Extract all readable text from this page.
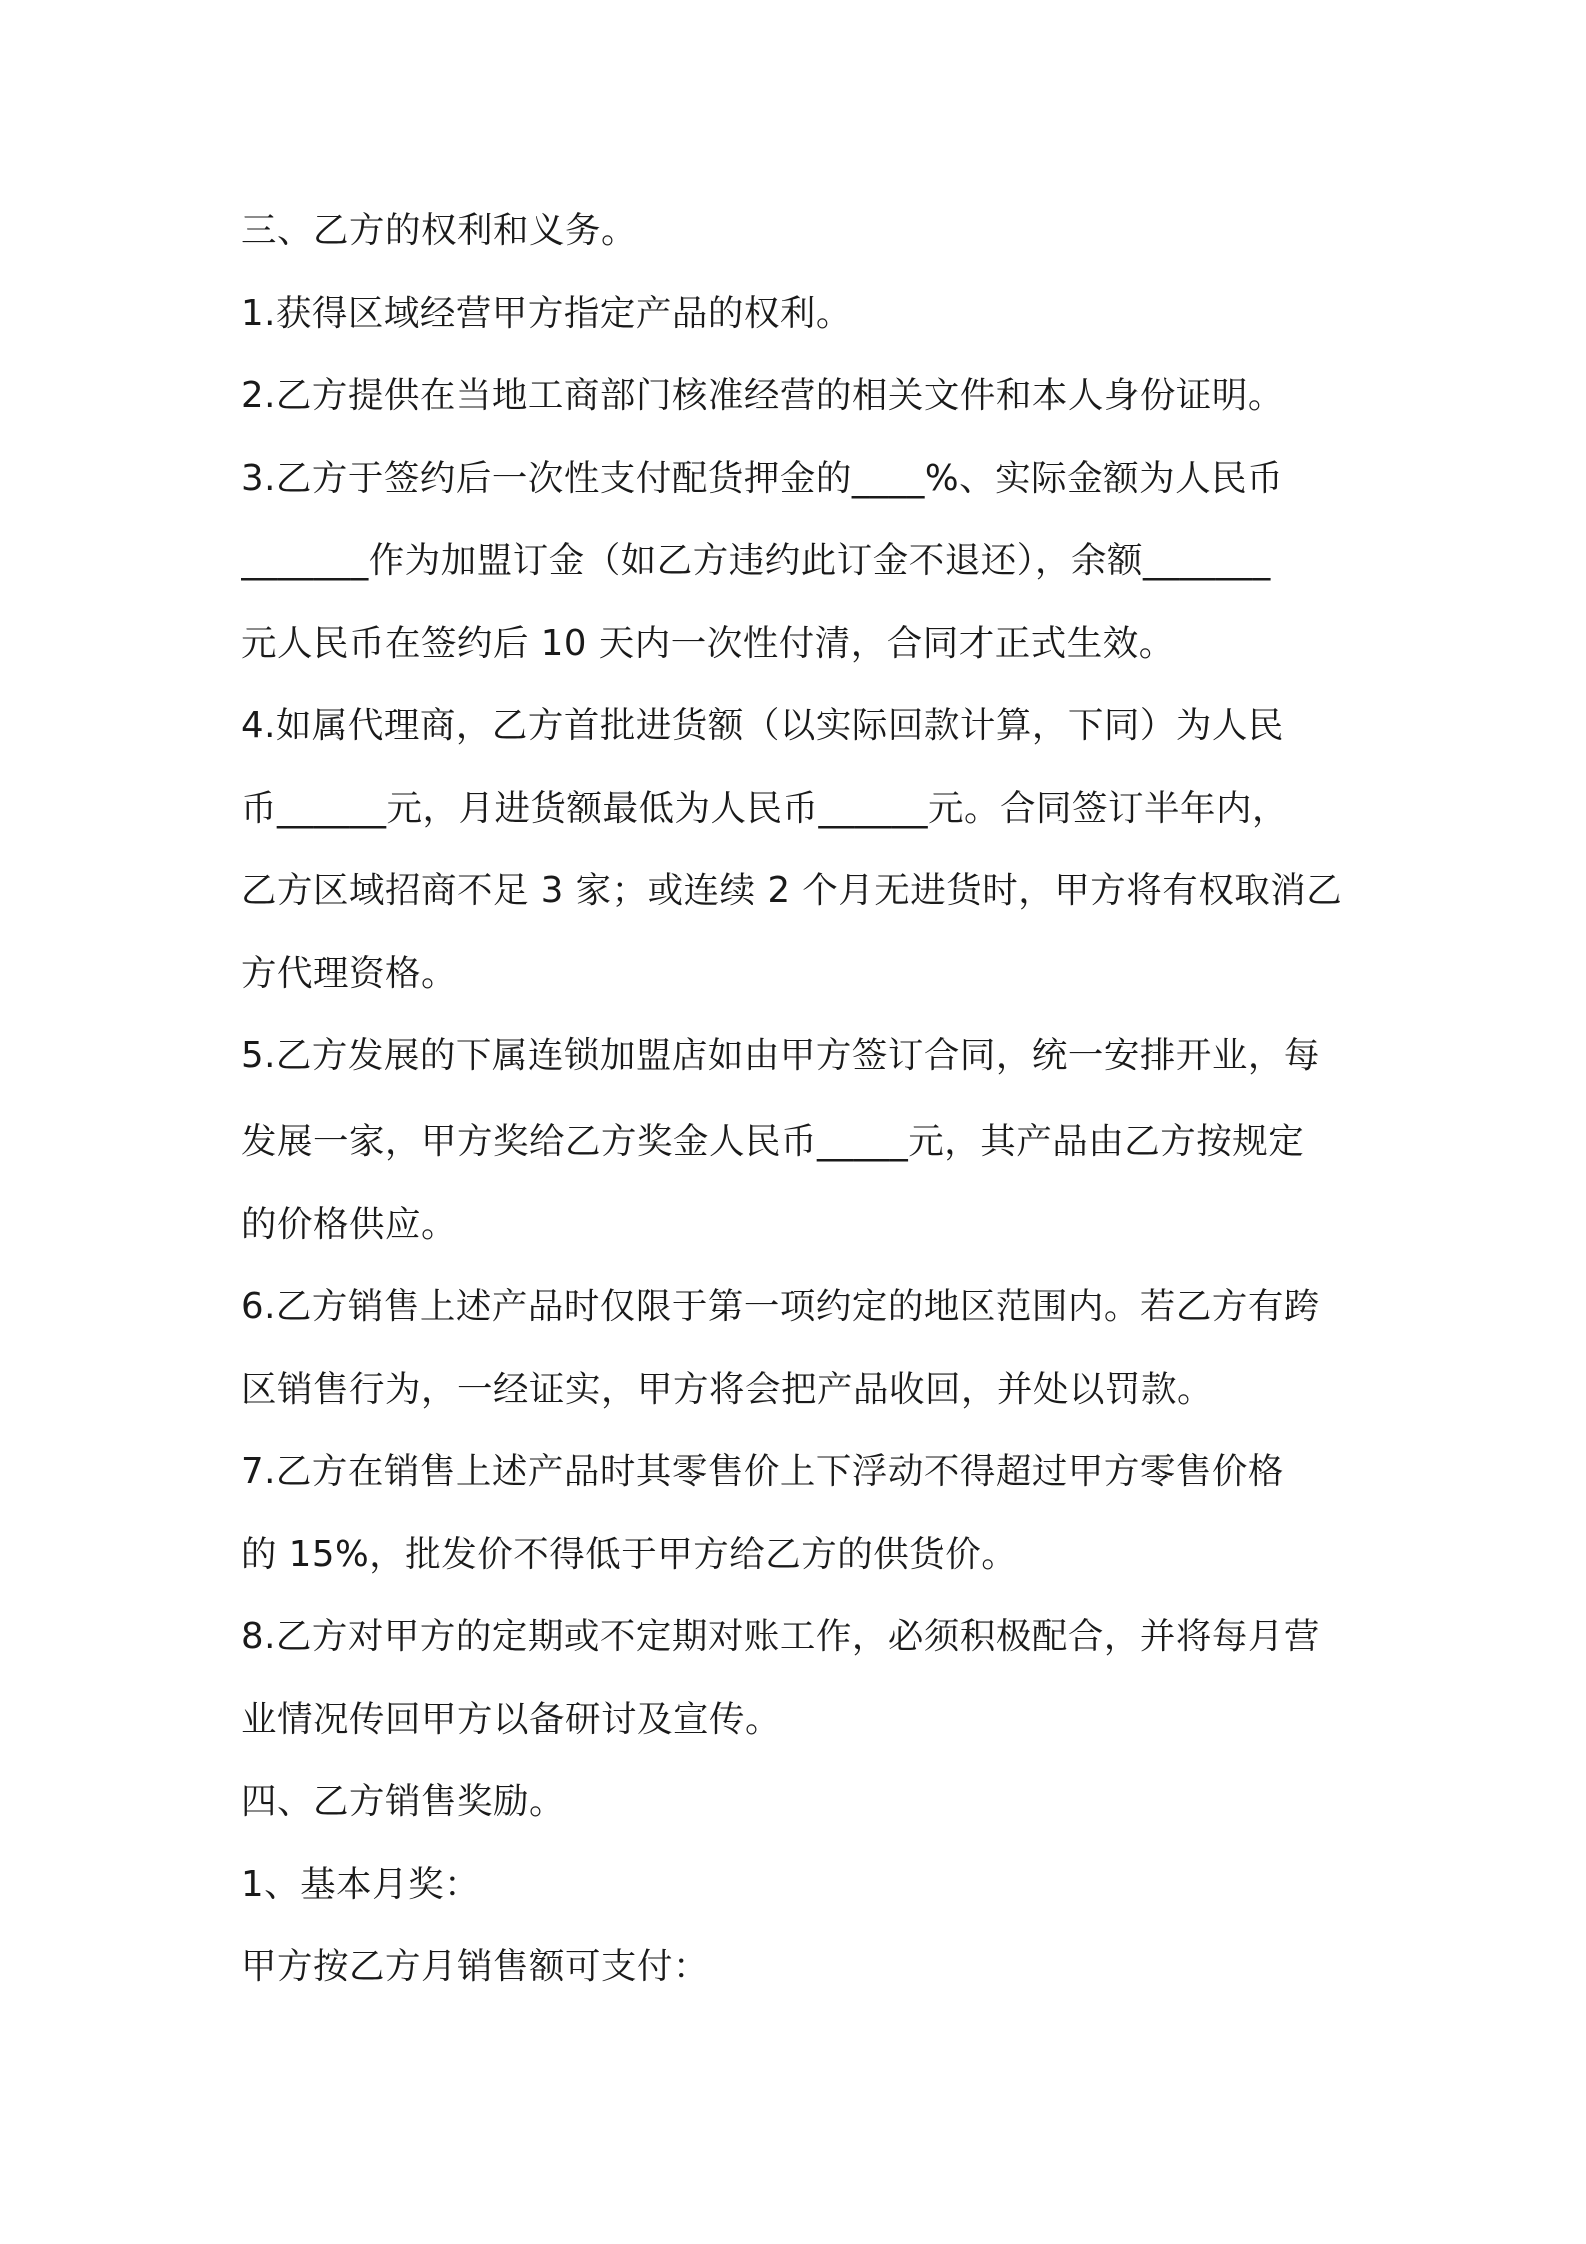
三、乙方的权利和义务。
1.获得区域经营甲方指定产品的权利。
2.乙方提供在当地工商部门核准经营的相关文件和本人身份证明。
3.乙方于签约后一次性支付配货押金的____%、实际金额为人民币
_______作为加盟订金（如乙方违约此订金不退还），余额_______
元人民币在签约后 10 天内一次性付清，合同才正式生效。
4.如属代理商，乙方首批进货额（以实际回款计算，下同）为人民
币______元，月进货额最低为人民币______元。合同签订半年内，
乙方区域招商不足 3 家；或连续 2 个月无进货时，甲方将有权取消乙
方代理资格。
5.乙方发展的下属连锁加盟店如由甲方签订合同，统一安排开业，每
发展一家，甲方奖给乙方奖金人民币_____元，其产品由乙方按规定
的价格供应。
6.乙方销售上述产品时仅限于第一项约定的地区范围内。若乙方有跨
区销售行为，一经证实，甲方将会把产品收回，并处以罚款。
7.乙方在销售上述产品时其零售价上下浮动不得超过甲方零售价格
的 15%，批发价不得低于甲方给乙方的供货价。
8.乙方对甲方的定期或不定期对账工作，必须积极配合，并将每月营
业情况传回甲方以备研讨及宣传。
四、乙方销售奖励。
1、基本月奖：
甲方按乙方月销售额可支付：
